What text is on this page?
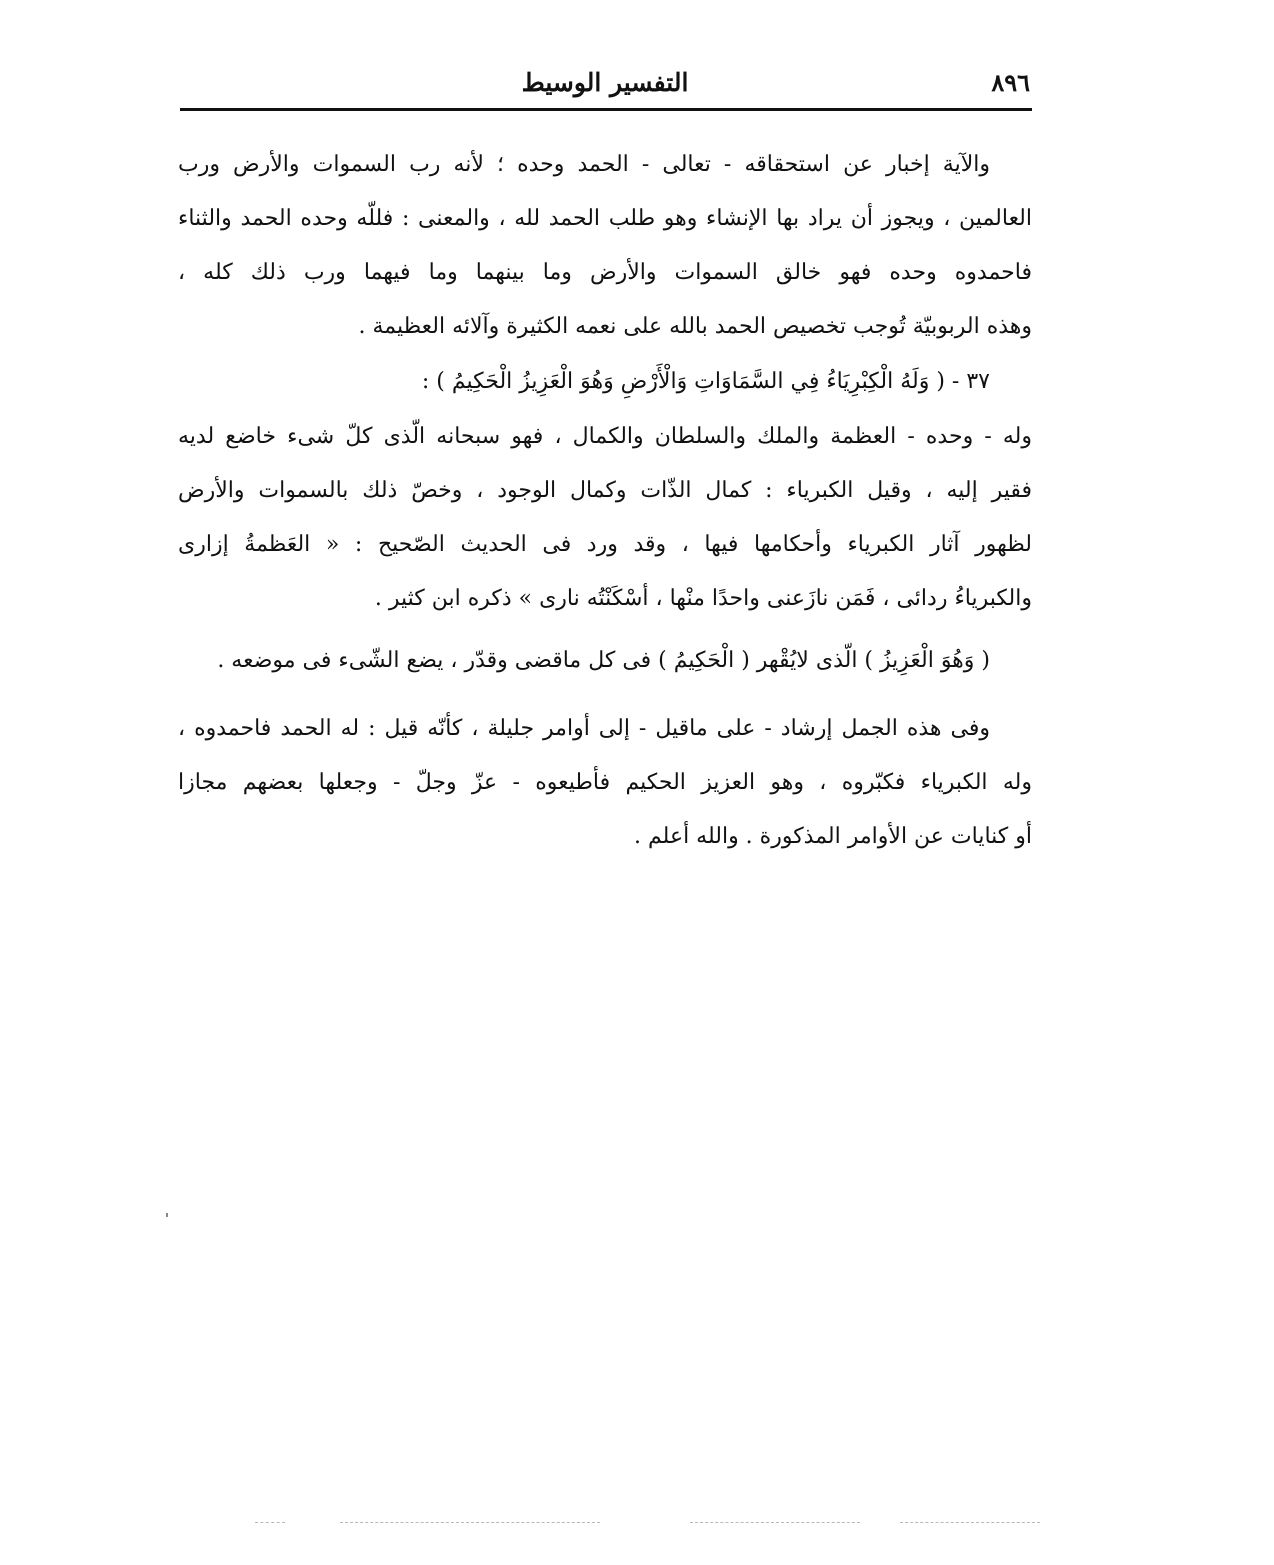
٨٩٦
التفسير الوسيط
والآية إخبار عن استحقاقه - تعالى - الحمد وحده ؛ لأنه رب السموات والأرض ورب
العالمين ، ويجوز أن يراد بها الإنشاء وهو طلب الحمد لله ، والمعنى : فللّه وحده الحمد والثناء
فاحمدوه وحده فهو خالق السموات والأرض وما بينهما وما فيهما ورب ذلك كله ،
وهذه الربوبيّة تُوجب تخصيص الحمد بالله على نعمه الكثيرة وآلائه العظيمة .
٣٧ - ( وَلَهُ الْكِبْرِيَاءُ فِي السَّمَاوَاتِ وَالْأَرْضِ وَهُوَ الْعَزِيزُ الْحَكِيمُ ) :
وله - وحده - العظمة والملك والسلطان والكمال ، فهو سبحانه الّذى كلّ شىء خاضع لديه
فقير إليه ، وقيل الكبرياء : كمال الذّات وكمال الوجود ، وخصّ ذلك بالسموات والأرض
لظهور آثار الكبرياء وأحكامها فيها ، وقد ورد فى الحديث الصّحيح : « العَظمةُ إزارى
والكبرياءُ ردائى ، فَمَن نازَعنى واحدًا منْها ، أسْكَنْتُه نارى » ذكره ابن كثير .
( وَهُوَ الْعَزِيزُ ) الّذى لايُقْهر ( الْحَكِيمُ ) فى كل ماقضى وقدّر ، يضع الشّىء فى موضعه .
وفى هذه الجمل إرشاد - على ماقيل - إلى أوامر جليلة ، كأنّه قيل : له الحمد فاحمدوه ،
وله الكبرياء فكبّروه ، وهو العزيز الحكيم فأطيعوه - عزّ وجلّ - وجعلها بعضهم مجازا
أو كنايات عن الأوامر المذكورة . والله أعلم .
